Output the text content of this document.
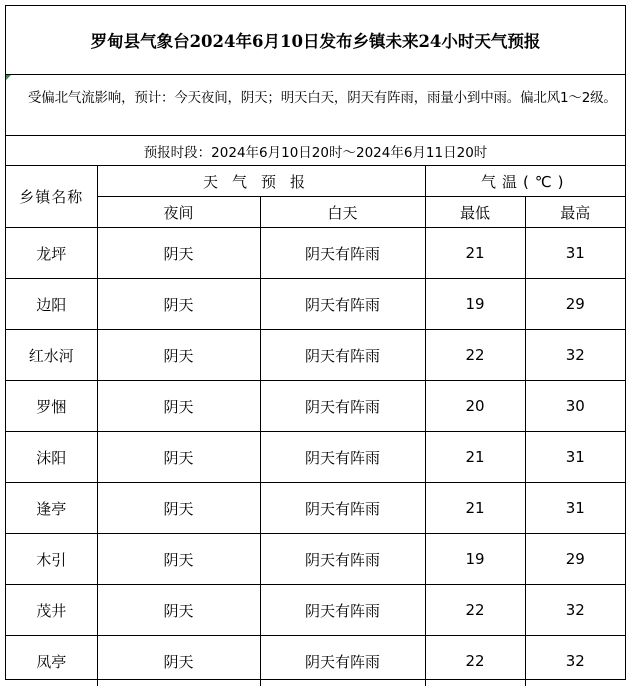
罗甸县气象台2024年6月10日发布乡镇未来24小时天气预报
受偏北气流影响，预计：今天夜间，阴天；明天白天，阴天有阵雨，雨量小到中雨。偏北风1～2级。
预报时段：2024年6月10日20时～2024年6月11日20时
乡镇名称	天气预报		气温(℃)	
	夜间	白天	最低	最高
龙坪	阴天	阴天有阵雨	21	31
边阳	阴天	阴天有阵雨	19	29
红水河	阴天	阴天有阵雨	22	32
罗悃	阴天	阴天有阵雨	20	30
沫阳	阴天	阴天有阵雨	21	31
逢亭	阴天	阴天有阵雨	21	31
木引	阴天	阴天有阵雨	19	29
茂井	阴天	阴天有阵雨	22	32
凤亭	阴天	阴天有阵雨	22	32
